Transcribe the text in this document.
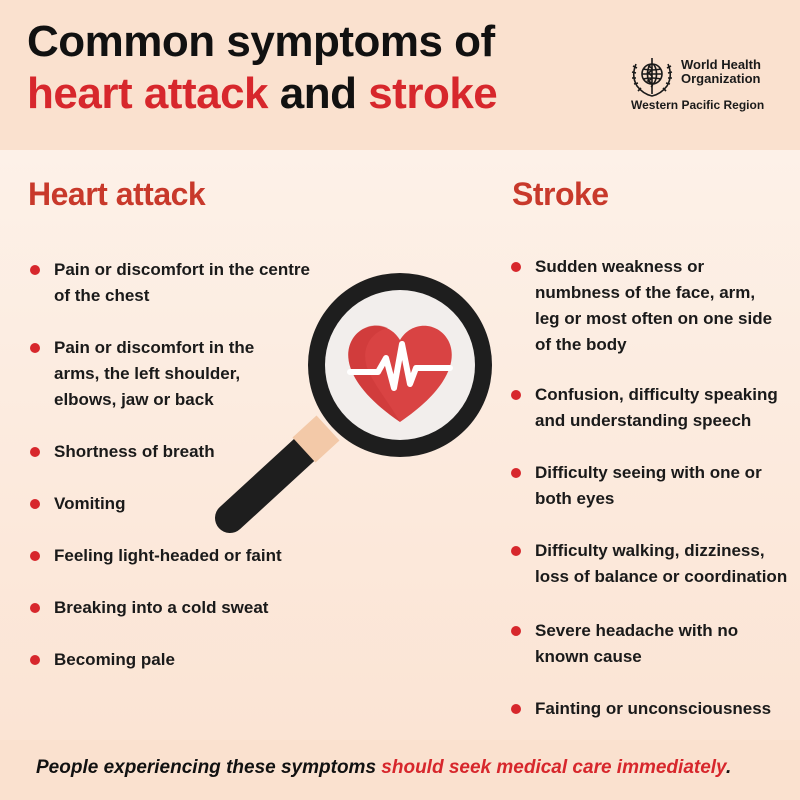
Common symptoms of
heart attack and stroke
World Health
Organization
Western Pacific Region
Heart attack
Pain or discomfort in the centre
of the chest
Pain or discomfort in the
arms, the left shoulder,
elbows, jaw or back
Shortness of breath
Vomiting
Feeling light-headed or faint
Breaking into a cold sweat
Becoming pale
Stroke
Sudden weakness or
numbness of the face, arm,
leg or most often on one side
of the body
Confusion, difficulty speaking
and understanding speech
Difficulty seeing with one or
both eyes
Difficulty walking, dizziness,
loss of balance or coordination
Severe headache with no
known cause
Fainting or unconsciousness

People experiencing these symptoms should seek medical care immediately.
